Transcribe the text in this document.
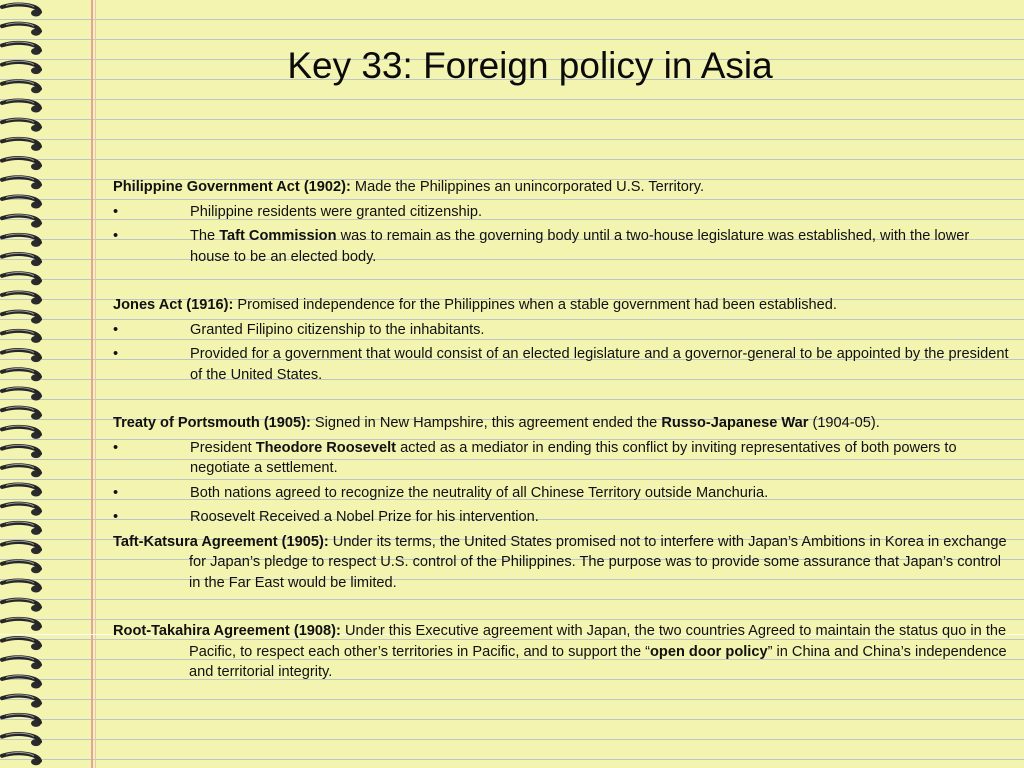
Key 33: Foreign policy in Asia

Philippine Government Act (1902): Made the Philippines an unincorporated U.S. Territory.

•	Philippine residents were granted citizenship.
•	The Taft Commission was to remain as the governing body until a two-house legislature was established, with the lower house to be an elected body.

Jones Act (1916): Promised independence for the Philippines when a stable government had been established.

•	Granted Filipino citizenship to the inhabitants.
•	Provided for a government that would consist of an elected legislature and a governor-general to be appointed by the president of the United States.

Treaty of Portsmouth (1905): Signed in New Hampshire, this agreement ended the Russo-Japanese War (1904-05).

•	President Theodore Roosevelt acted as a mediator in ending this conflict by inviting representatives of both powers to negotiate a settlement.
•	Both nations agreed to recognize the neutrality of all Chinese Territory outside Manchuria.
•	Roosevelt Received a Nobel Prize for his intervention.

Taft-Katsura Agreement (1905): Under its terms, the United States promised not to interfere with Japan’s Ambitions in Korea in exchange for Japan’s pledge to respect U.S. control of the Philippines. The purpose was to provide some assurance that Japan’s control in the Far East would be limited.

Root-Takahira Agreement (1908): Under this Executive agreement with Japan, the two countries Agreed to maintain the status quo in the Pacific, to respect each other’s territories in Pacific, and to support the “open door policy” in China and China’s independence and territorial integrity.
